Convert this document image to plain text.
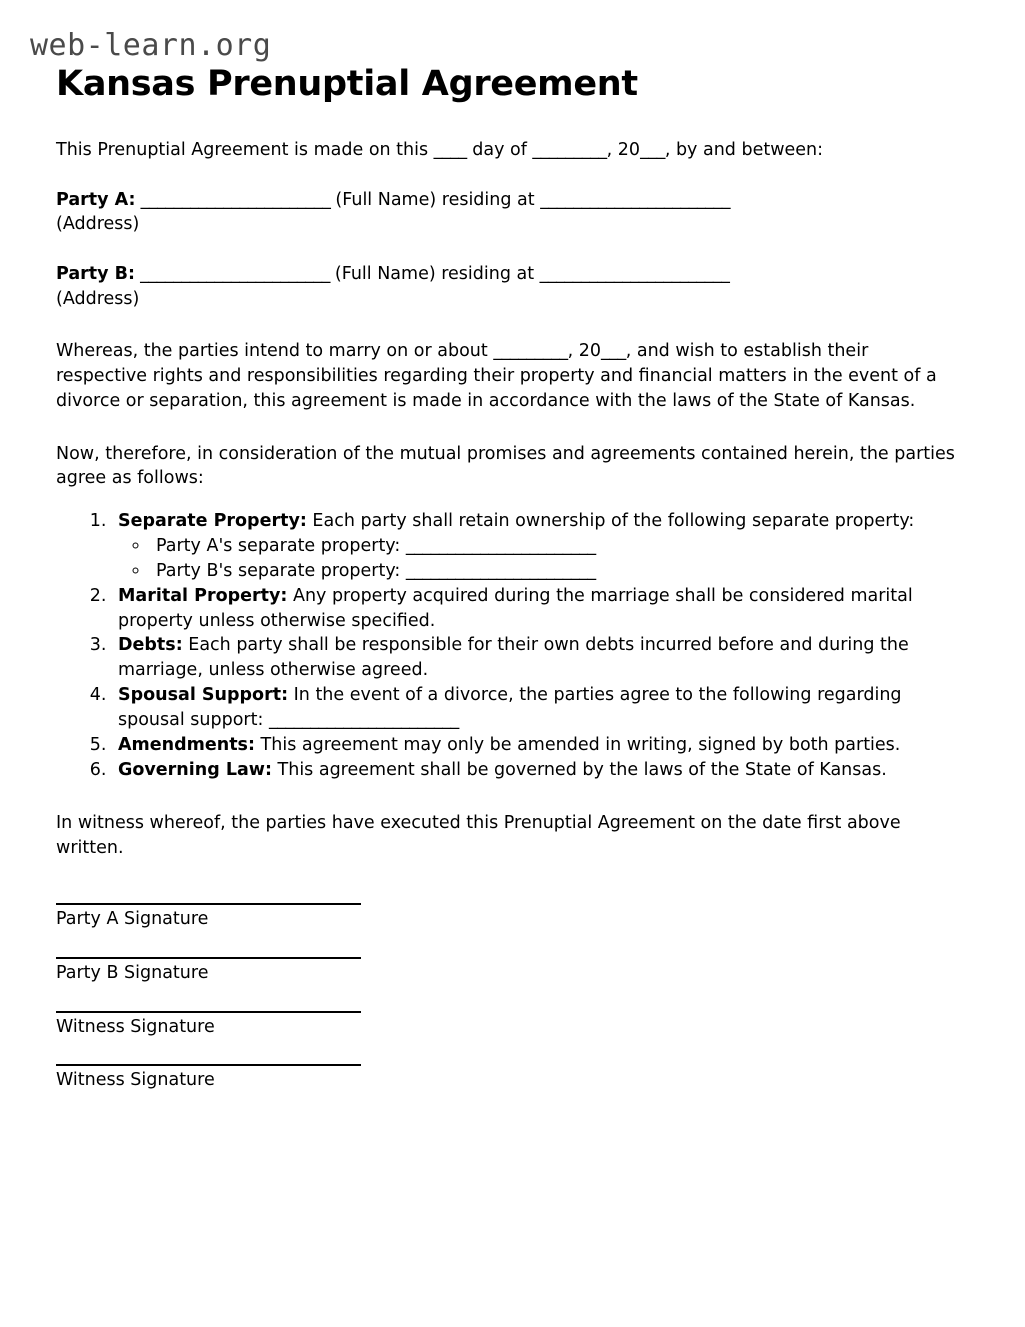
web-learn.org
Kansas Prenuptial Agreement

This Prenuptial Agreement is made on this ____ day of _________, 20___, by and between:

Party A: _______________________ (Full Name) residing at _______________________
(Address)

Party B: _______________________ (Full Name) residing at _______________________
(Address)

Whereas, the parties intend to marry on or about _________, 20___, and wish to establish their respective rights and responsibilities regarding their property and financial matters in the event of a divorce or separation, this agreement is made in accordance with the laws of the State of Kansas.

Now, therefore, in consideration of the mutual promises and agreements contained herein, the parties agree as follows:

1. Separate Property: Each party shall retain ownership of the following separate property:
◦ Party A's separate property: _______________________
◦ Party B's separate property: _______________________
2. Marital Property: Any property acquired during the marriage shall be considered marital property unless otherwise specified.
3. Debts: Each party shall be responsible for their own debts incurred before and during the marriage, unless otherwise agreed.
4. Spousal Support: In the event of a divorce, the parties agree to the following regarding spousal support: _______________________
5. Amendments: This agreement may only be amended in writing, signed by both parties.
6. Governing Law: This agreement shall be governed by the laws of the State of Kansas.

In witness whereof, the parties have executed this Prenuptial Agreement on the date first above written.

Party A Signature
Party B Signature
Witness Signature
Witness Signature
